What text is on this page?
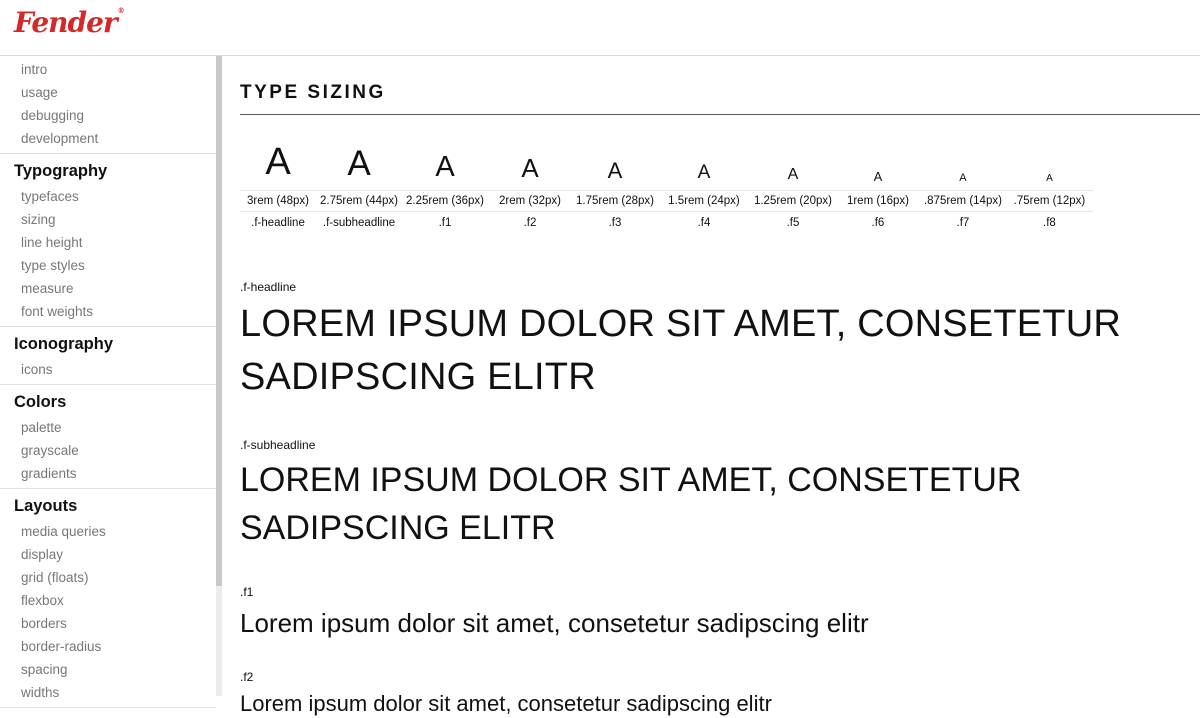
Fender®
intro
usage
debugging
development
Typography
typefaces
sizing
line height
type styles
measure
font weights
Iconography
icons
Colors
palette
grayscale
gradients
Layouts
media queries
display
grid (floats)
flexbox
borders
border-radius
spacing
widths
TYPE SIZING
A	A	A	A	A	A	A	A	A	A
3rem (48px)	2.75rem (44px)	2.25rem (36px)	2rem (32px)	1.75rem (28px)	1.5rem (24px)	1.25rem (20px)	1rem (16px)	.875rem (14px)	.75rem (12px)
.f-headline	.f-subheadline	.f1	.f2	.f3	.f4	.f5	.f6	.f7	.f8
.f-headline
LOREM IPSUM DOLOR SIT AMET, CONSETETUR SADIPSCING ELITR
.f-subheadline
LOREM IPSUM DOLOR SIT AMET, CONSETETUR SADIPSCING ELITR
.f1
Lorem ipsum dolor sit amet, consetetur sadipscing elitr
.f2
Lorem ipsum dolor sit amet, consetetur sadipscing elitr
